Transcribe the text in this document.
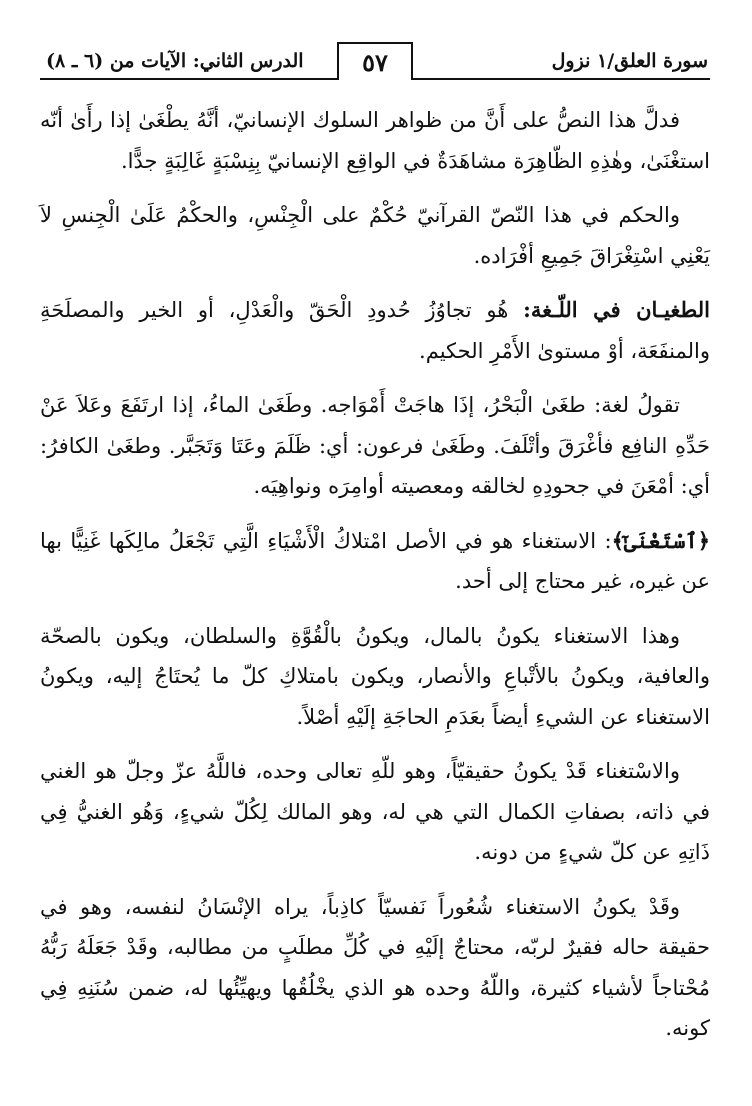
سورة العلق/١ نزول
٥٧
الدرس الثاني: الآيات من (٦ ـ ٨)

فدلَّ هذا النصُّ على أَنَّ من ظواهر السلوك الإنسانيّ، أنَّهُ يطْغَىٰ إذا رأَىٰ أنّه استغْنَىٰ، وهٰذِهِ الظّاهِرَة مشاهَدَةٌ في الواقِع الإنسانيّ بِنِسْبَةٍ غَالِبَةٍ جدًّا.

والحكم في هذا النّصّ القرآنيّ حُكْمٌ على الْجِنْسِ، والحكْمُ عَلَىٰ الْجِنسِ لاَ يَعْنِي اسْتِغْرَاقَ جَمِيعِ أفْرَاده.

الطغيـان في اللّـغة: هُو تجاوُزُ حُدودِ الْحَقّ والْعَدْلِ، أو الخير والمصلَحَةِ والمنفَعَة، أوْ مستوىٰ الأَمْرِ الحكيم.

تقولُ لغة: طغَىٰ الْبَحْرُ، إذَا هاجَتْ أَمْوَاجه. وطَغَىٰ الماءُ، إذا ارتَفَعَ وعَلاَ عَنْ حَدِّهِ النافِع فأغْرَقَ وأتْلَفَ. وطَغَىٰ فرعون: أي: ظَلَمَ وعَتَا وَتَجَبَّر. وطغَىٰ الكافرُ: أي: أمْعَنَ في جحودِهِ لخالقه ومعصيته أوامِرَه ونواهِيَه.

﴿ٱسْتَغْنَىٰٓ﴾: الاستغناء هو في الأصل امْتلاكُ الْأَشْيَاءِ الَّتِي تَجْعَلُ مالِكَها غَنِيًّا بها عن غيره، غير محتاج إلى أحد.

وهذا الاستغناء يكونُ بالمال، ويكونُ بالْقُوَّةِ والسلطان، ويكون بالصحّة والعافية، ويكونُ بالأتْباعِ والأنصار، ويكون بامتلاكِ كلّ ما يُحتَاجُ إليه، ويكونُ الاستغناء عن الشيءِ أيضاً بعَدَمِ الحاجَةِ إلَيْهِ أصْلاً.

والاسْتغناء قَدْ يكونُ حقيقيّاً، وهو للّهِ تعالى وحده، فاللَّهُ عزّ وجلّ هو الغني في ذاته، بصفاتِ الكمال التي هي له، وهو المالك لِكُلّ شيءٍ، وَهُو الغنيُّ فِي ذَاتِهِ عن كلّ شيءٍ من دونه.

وقَدْ يكونُ الاستغناء شُعُوراً نَفسيّاً كاذِباً، يراه الإنْسَانُ لنفسه، وهو في حقيقة حاله فقيرٌ لربّه، محتاجٌ إلَيْهِ في كُلِّ مطلَبٍ من مطالبه، وقَدْ جَعَلَهُ رَبُّهُ مُحْتاجاً لأشياء كثيرة، واللّهُ وحده هو الذي يخْلُقُها ويهيِّئُها له، ضمن سُنَنِهِ فِي كونه.
